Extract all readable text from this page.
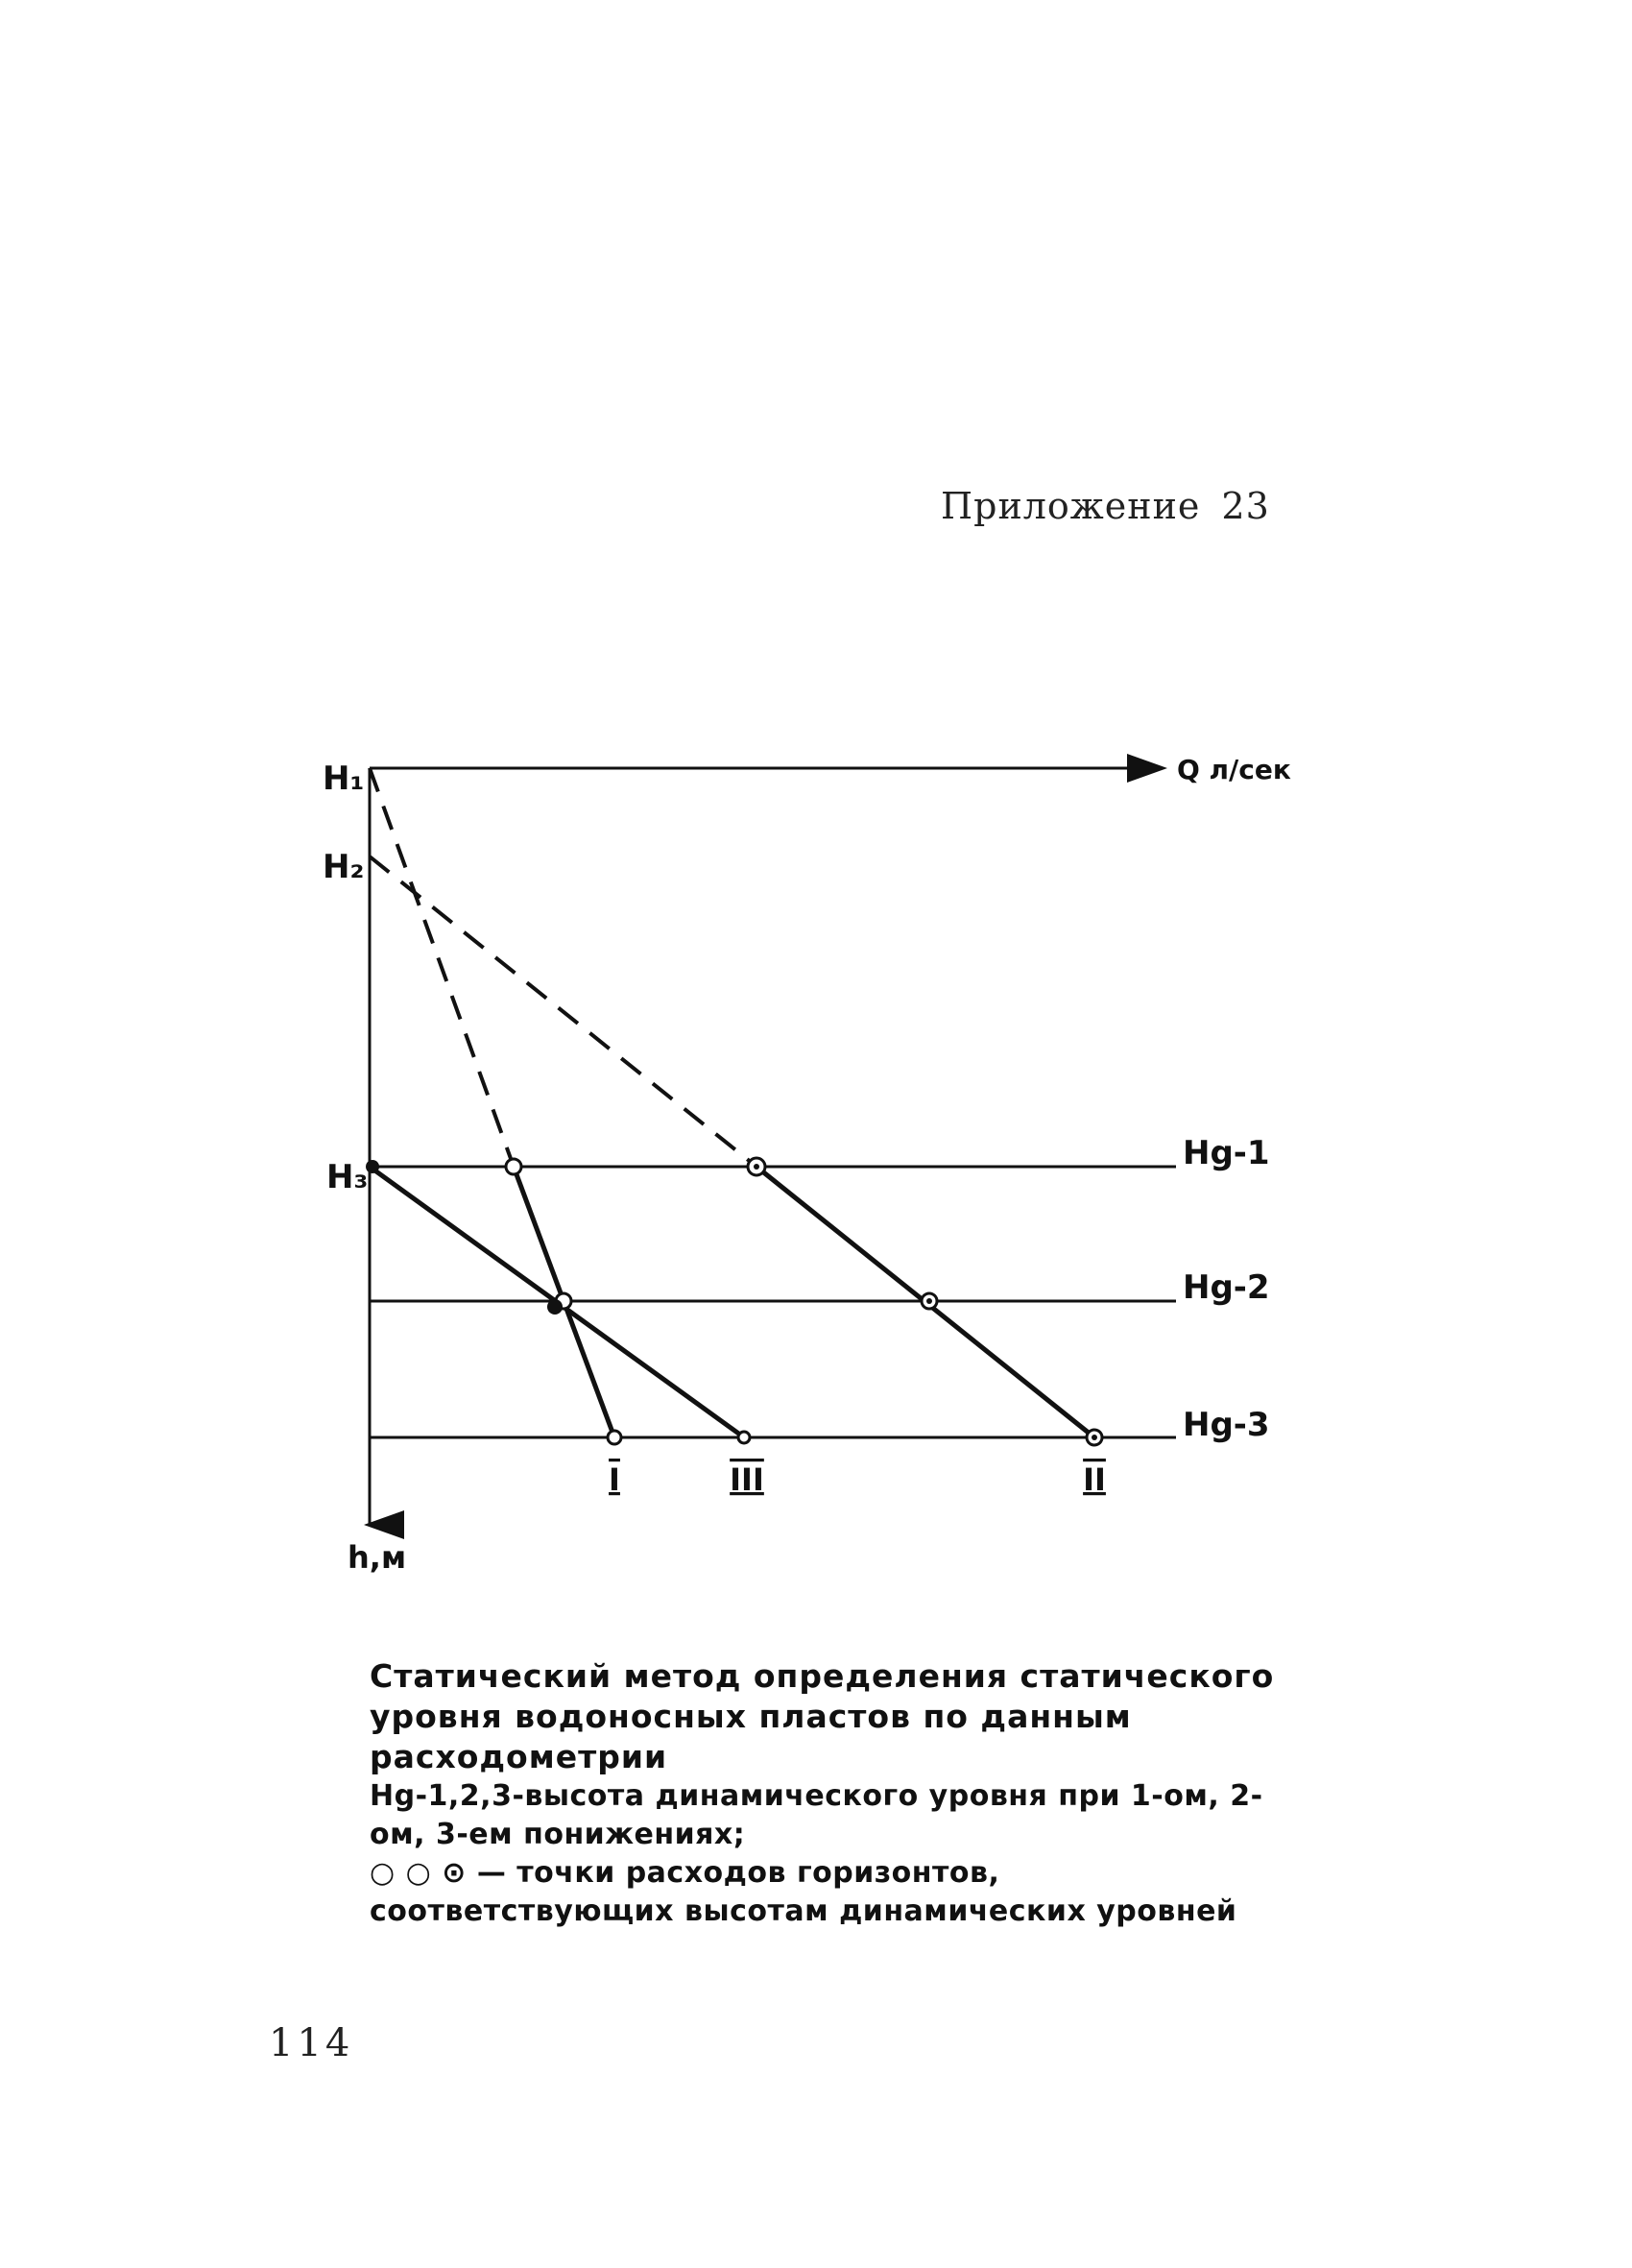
Приложение 23
H₁
H₂
H₃
Q л/сек
h,м
Hg-1
Hg-2
Hg-3
I	III	II
Статический метод определения статического уровня водоносных пластов по данным расходометрии
Hg-1,2,3-высота динамического уровня при 1-ом, 2-ом, 3-ем понижениях;
○ ○ ⊙ — точки расходов горизонтов, соответствующих высотам динамических уровней
114
